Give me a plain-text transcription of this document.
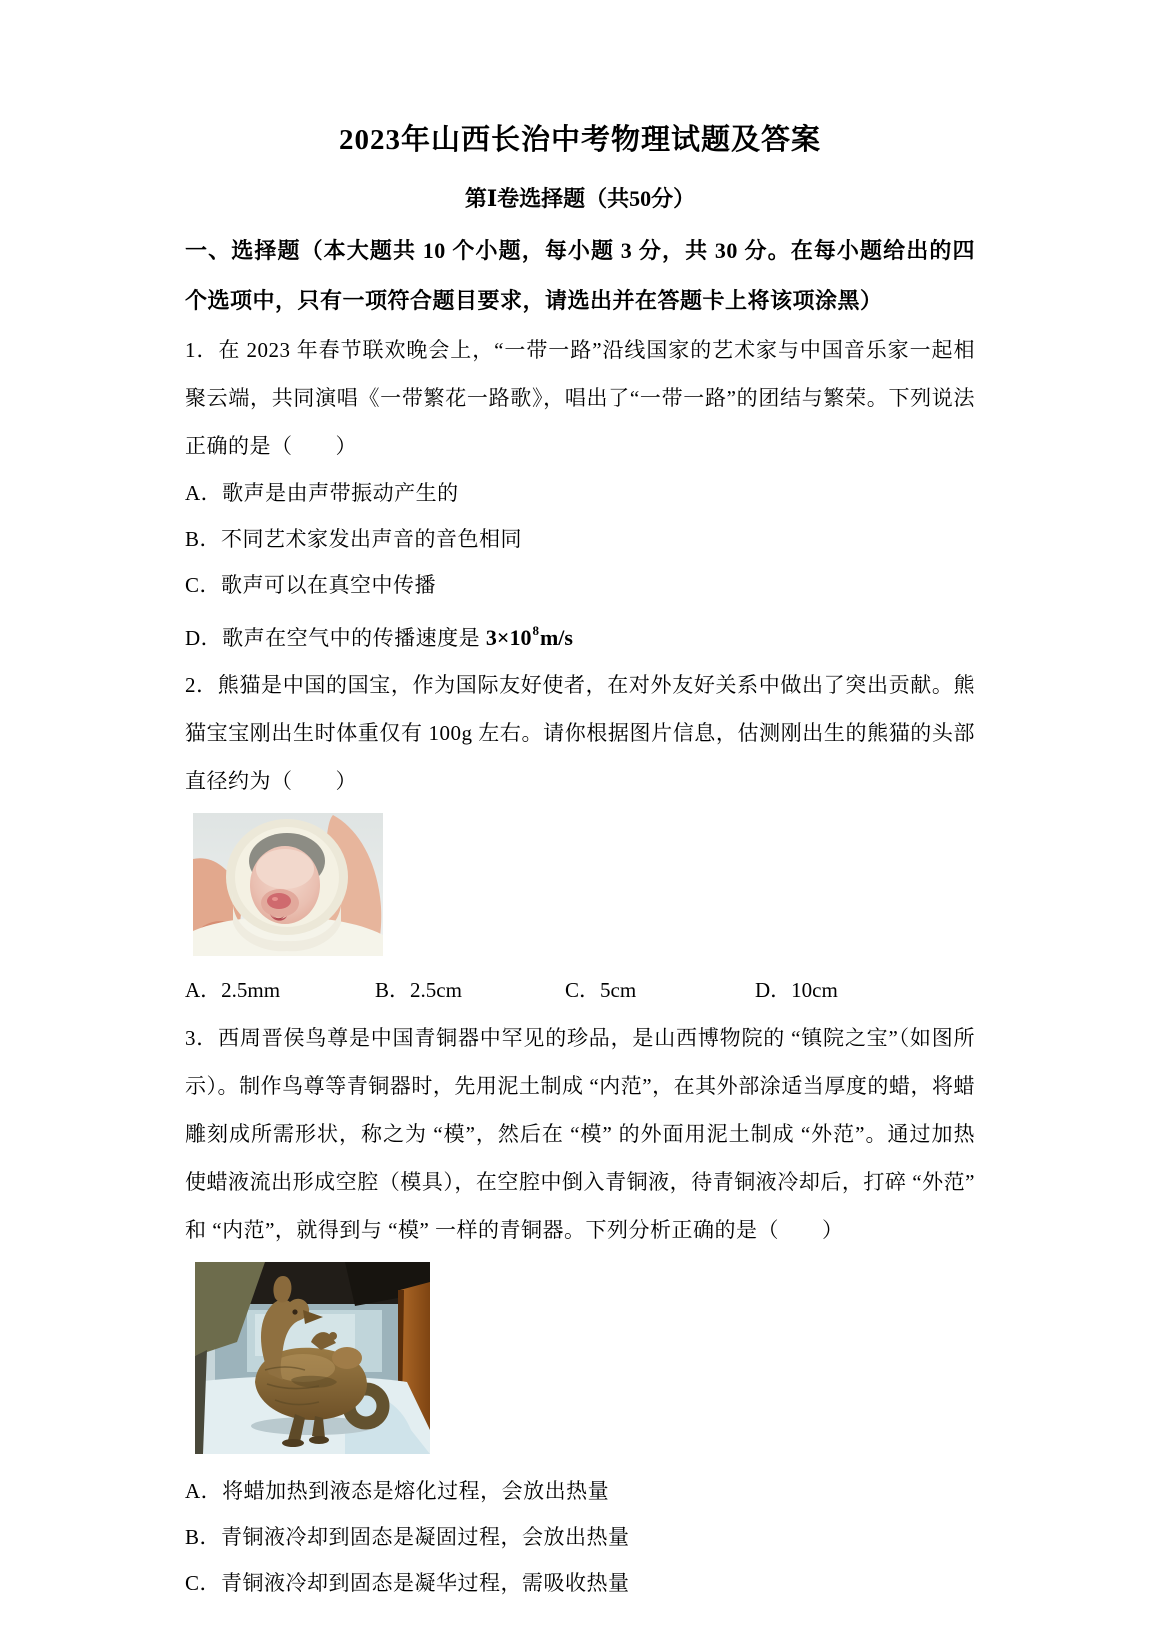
2023年山西长治中考物理试题及答案
第Ⅰ卷选择题（共50分）

一、选择题（本大题共 10 个小题，每小题 3 分，共 30 分。在每小题给出的四个选项中，只有一项符合题目要求，请选出并在答题卡上将该项涂黑）

1．在 2023 年春节联欢晚会上，“一带一路”沿线国家的艺术家与中国音乐家一起相聚云端，共同演唱《一带繁花一路歌》，唱出了“一带一路”的团结与繁荣。下列说法正确的是（　　）

A．歌声是由声带振动产生的
B．不同艺术家发出声音的音色相同
C．歌声可以在真空中传播
D．歌声在空气中的传播速度是 $3\times 10^8m/s$

2．熊猫是中国的国宝，作为国际友好使者，在对外友好关系中做出了突出贡献。熊猫宝宝刚出生时体重仅有 100g 左右。请你根据图片信息，估测刚出生的熊猫的头部直径约为（　　）

A．2.5mm	B．2.5cm	C．5cm	D．10cm

3．西周晋侯鸟尊是中国青铜器中罕见的珍品，是山西博物院的 “镇院之宝”（如图所示）。制作鸟尊等青铜器时，先用泥土制成 “内范”，在其外部涂适当厚度的蜡，将蜡雕刻成所需形状，称之为 “模”，然后在 “模” 的外面用泥土制成 “外范”。通过加热使蜡液流出形成空腔（模具），在空腔中倒入青铜液，待青铜液冷却后，打碎 “外范” 和 “内范”，就得到与 “模” 一样的青铜器。下列分析正确的是（　　）

A．将蜡加热到液态是熔化过程，会放出热量
B．青铜液冷却到固态是凝固过程，会放出热量
C．青铜液冷却到固态是凝华过程，需吸收热量
